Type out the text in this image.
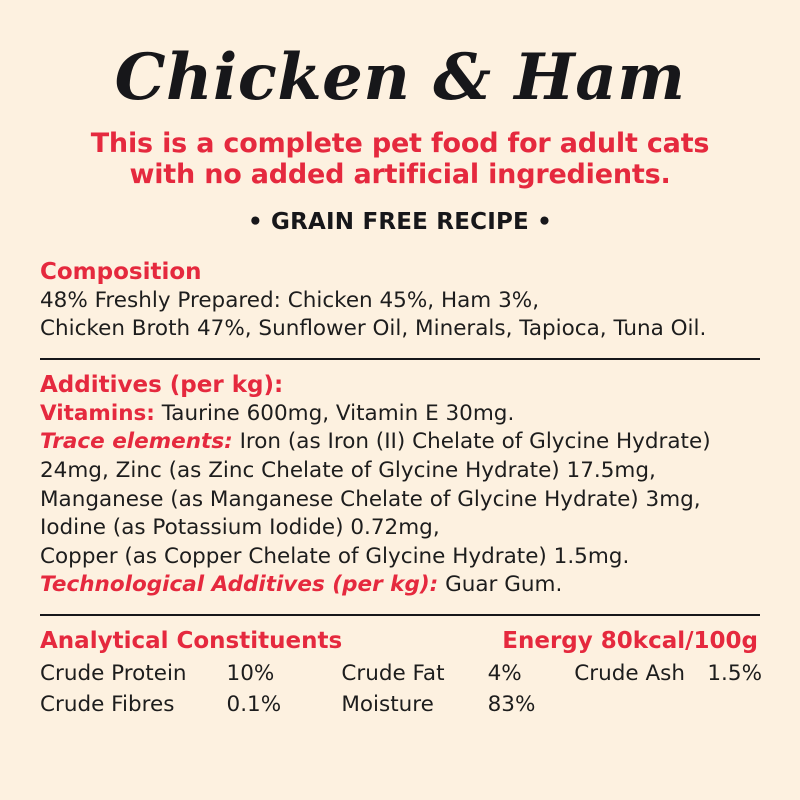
Chicken & Ham
This is a complete pet food for adult cats
with no added artificial ingredients.
• GRAIN FREE RECIPE •
Composition
48% Freshly Prepared: Chicken 45%, Ham 3%,
Chicken Broth 47%, Sunflower Oil, Minerals, Tapioca, Tuna Oil.
Additives (per kg):
Vitamins: Taurine 600mg, Vitamin E 30mg.
Trace elements: Iron (as Iron (II) Chelate of Glycine Hydrate)
24mg, Zinc (as Zinc Chelate of Glycine Hydrate) 17.5mg,
Manganese (as Manganese Chelate of Glycine Hydrate) 3mg,
Iodine (as Potassium Iodide) 0.72mg,
Copper (as Copper Chelate of Glycine Hydrate) 1.5mg.
Technological Additives (per kg): Guar Gum.
Analytical Constituents	Energy 80kcal/100g
Crude Protein	10%	Crude Fat	4%	Crude Ash	1.5%
Crude Fibres	0.1%	Moisture	83%		
